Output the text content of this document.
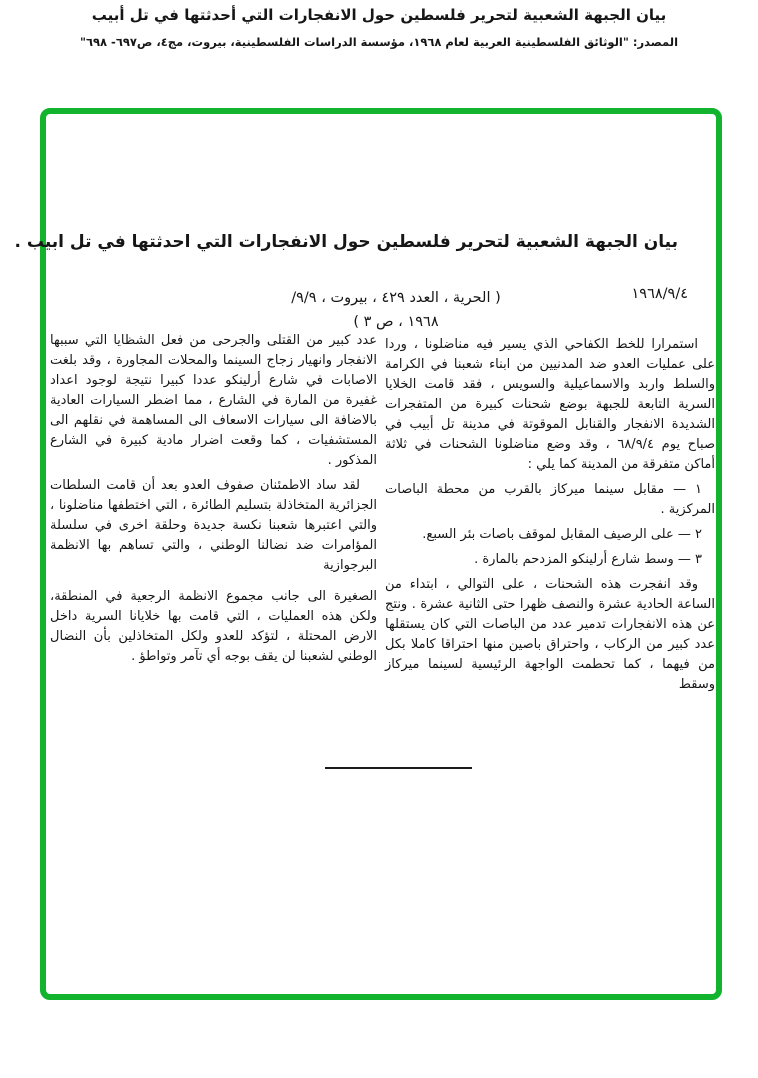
بيان الجبهة الشعبية لتحرير فلسطين حول الانفجارات التي أحدثتها في تل أبيب
المصدر: "الوثائق الفلسطينية العربية لعام ١٩٦٨، مؤسسة الدراسات الفلسطينية، بيروت، مج٤، ص٦٩٧- ٦٩٨"
بيان الجبهة الشعبية لتحرير فلسطين حول الانفجارات التي احدثتها في تل ابيب .
١٩٦٨/٩/٤
( الحرية ، العدد ٤٢٩ ، بيروت ، ٩/٩/
١٩٦٨ ، ص ٣ )

استمرارا للخط الكفاحي الذي يسير فيه مناضلونا ، وردا على عمليات العدو ضد المدنيين من ابناء شعبنا في الكرامة والسلط واربد والاسماعيلية والسويس ، فقد قامت الخلايا السرية التابعة للجبهة بوضع شحنات كبيرة من المتفجرات الشديدة الانفجار والقنابل الموقوتة في مدينة تل أبيب في صباح يوم ٦٨/٩/٤ ، وقد وضع مناضلونا الشحنات في ثلاثة أماكن متفرقة من المدينة كما يلي :

١ — مقابل سينما ميركاز بالقرب من محطة الباصات المركزية .

٢ — على الرصيف المقابل لموقف باصات بئر السبع.

٣ — وسط شارع أرلينكو المزدحم بالمارة .

وقد انفجرت هذه الشحنات ، على التوالي ، ابتداء من الساعة الحادية عشرة والنصف ظهرا حتى الثانية عشرة . ونتج عن هذه الانفجارات تدمير عدد من الباصات التي كان يستقلها عدد كبير من الركاب ، واحتراق باصين منها احتراقا كاملا بكل من فيهما ، كما تحطمت الواجهة الرئيسية لسينما ميركاز وسقط

عدد كبير من القتلى والجرحى من فعل الشظايا التي سببها الانفجار وانهيار زجاج السينما والمحلات المجاورة ، وقد بلغت الاصابات في شارع أرلينكو عددا كبيرا نتيجة لوجود اعداد غفيرة من المارة في الشارع ، مما اضطر السيارات العادية بالاضافة الى سيارات الاسعاف الى المساهمة في نقلهم الى المستشفيات ، كما وقعت اضرار مادية كبيرة في الشارع المذكور .

لقد ساد الاطمئنان صفوف العدو بعد أن قامت السلطات الجزائرية المتخاذلة بتسليم الطائرة ، التي اختطفها مناضلونا ، والتي اعتبرها شعبنا نكسة جديدة وحلقة اخرى في سلسلة المؤامرات ضد نضالنا الوطني ، والتي تساهم بها الانظمة البرجوازية

الصغيرة الى جانب مجموع الانظمة الرجعية في المنطقة، ولكن هذه العمليات ، التي قامت بها خلايانا السرية داخل الارض المحتلة ، لتؤكد للعدو ولكل المتخاذلين بأن النضال الوطني لشعبنا لن يقف بوجه أي تآمر وتواطؤ .
